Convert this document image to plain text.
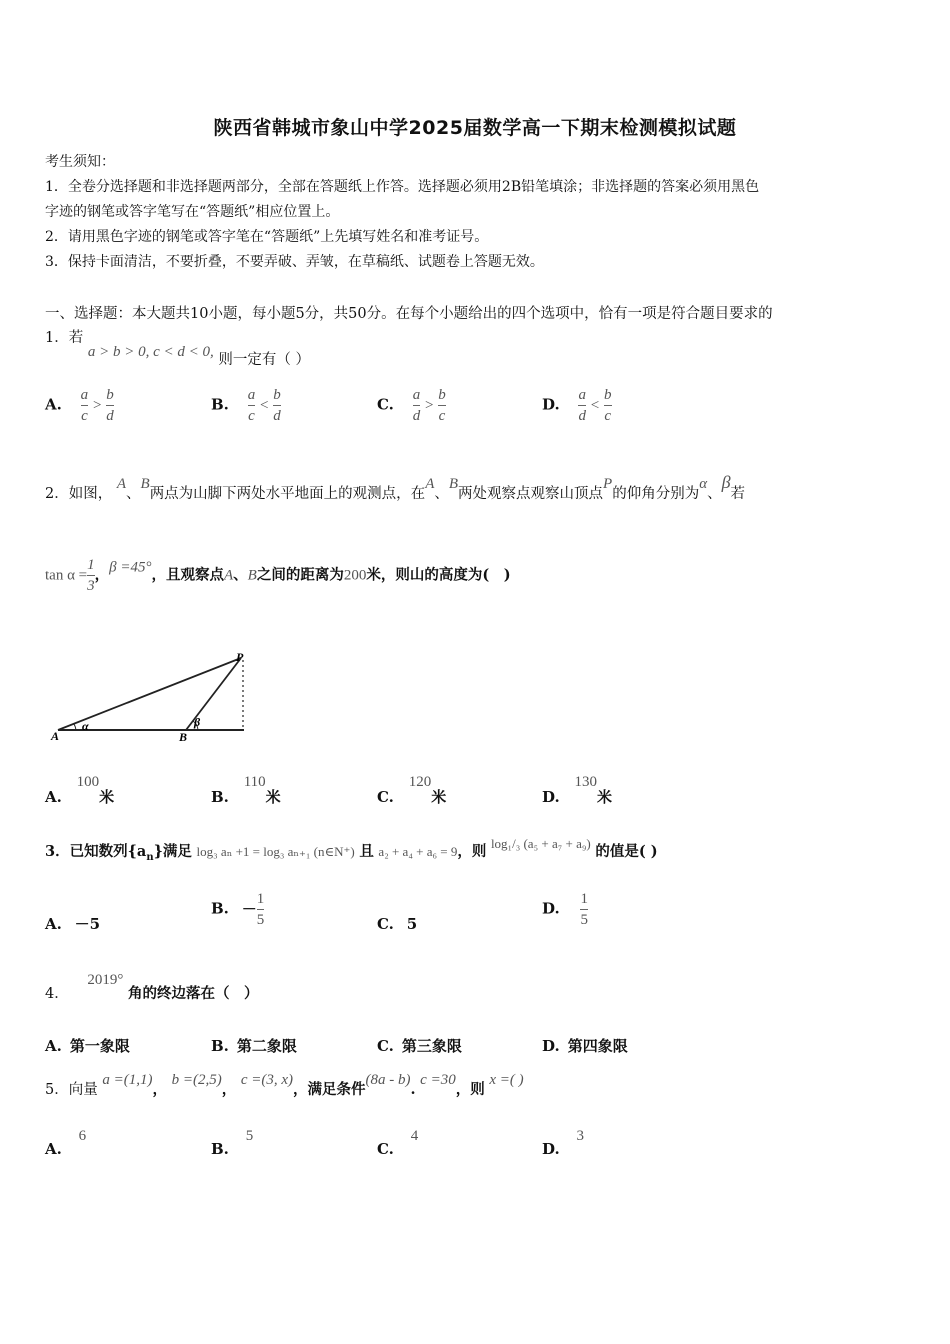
陕西省韩城市象山中学2025届数学高一下期末检测模拟试题
考生须知：
1．全卷分选择题和非选择题两部分，全部在答题纸上作答。选择题必须用2B铅笔填涂；非选择题的答案必须用黑色
字迹的钢笔或答字笔写在“答题纸”相应位置上。
2．请用黑色字迹的钢笔或答字笔在“答题纸”上先填写姓名和准考证号。
3．保持卡面清洁，不要折叠，不要弄破、弄皱，在草稿纸、试题卷上答题无效。
一、选择题：本大题共10小题，每小题5分，共50分。在每个小题给出的四个选项中，恰有一项是符合题目要求的
1．若 a > b > 0, c < d < 0, 则一定有（ ）
A. $\frac{a}{c} > \frac{b}{d}$	B. $\frac{a}{c} < \frac{b}{d}$	C. $\frac{a}{d} > \frac{b}{c}$	D. $\frac{a}{d} < \frac{b}{c}$
2．如图， A、B两点为山脚下两处水平地面上的观测点，在A、B两处观察点观察山顶点P的仰角分别为α、β若
$\tan \alpha = \frac{1}{3}$ ，β =45°，且观察点A、B之间的距离为200米，则山的高度为(　)
A	B
P
α	β
A. 100米	B. 110米	C. 120米	D. 130米
3．已知数列$\{a_n\}$满足 log₃ aₙ +1 = log₃ aₙ₊₁ (n∈N⁺) 且 a₂ + a₄ + a₆ = 9，则 log₁/₃ (a₅ + a₇ + a₉) 的值是( )
A. －5
B. － $\frac{1}{5}$	C. 5
D. $\frac{1}{5}$
4． 2019° 角的终边落在（　）
A. 第一象限	B. 第二象限	C. 第三象限	D. 第四象限
5．向量 a =(1,1)， b =(2,5)， c =(3, x)，满足条件(8a - b). c =30，则 x =( )
A. 6
B. 5
C. 4
D. 3
